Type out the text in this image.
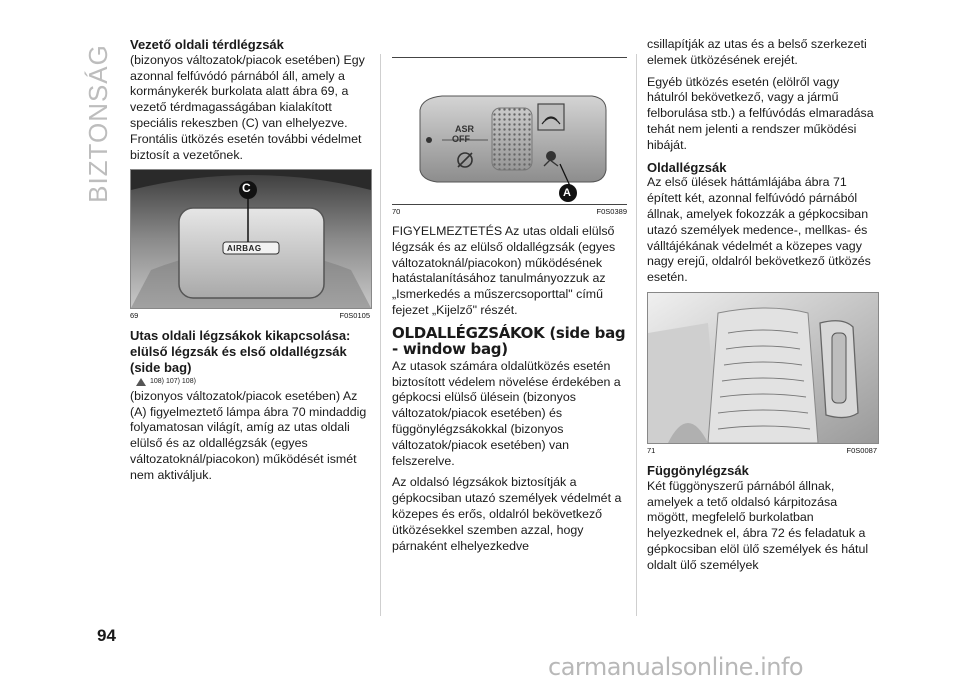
BIZTONSÁG Vezető oldali térdlégzsák

(bizonyos változatok/piacok esetében) Egy azonnal felfúvódó párnából áll, amely a kormánykerék burkolata alatt ábra 69, a vezető térdmagasságában kialakított speciális rekeszben (C) van elhelyezve. Frontális ütközés esetén további védelmet biztosít a vezetőnek.

C
AIRBAG
69	F0S0105
Utas oldali légzsákok kikapcsolása: elülső légzsák és első oldallégzsák (side bag)
108) 107) 108)

(bizonyos változatok/piacok esetében) Az (A) figyelmeztető lámpa ábra 70 mindaddig folyamatosan világít, amíg az utas oldali elülső és az oldallégzsák (egyes változatoknál/piacokon) működését ismét nem aktiváljuk.

ASR
OFF
A
70	F0S0389

FIGYELMEZTETÉS Az utas oldali elülső légzsák és az elülső oldallégzsák (egyes változatoknál/piacokon) működésének hatástalanításához tanulmányozzuk az „Ismerkedés a műszercsoporttal" című fejezet „Kijelző" részét.

OLDALLÉGZSÁKOK (side bag - window bag)

Az utasok számára oldalütközés esetén biztosított védelem növelése érdekében a gépkocsi elülső ülésein (bizonyos változatok/piacok esetében) és függönylégzsákokkal (bizonyos változatok/piacok esetében) van felszerelve.

Az oldalsó légzsákok biztosítják a gépkocsiban utazó személyek védelmét a közepes és erős, oldalról bekövetkező ütközésekkel szemben azzal, hogy párnaként elhelyezkedve

csillapítják az utas és a belső szerkezeti elemek ütközésének erejét.

Egyéb ütközés esetén (elölről vagy hátulról bekövetkező, vagy a jármű felborulása stb.) a felfúvódás elmaradása tehát nem jelenti a rendszer működési hibáját.

Oldallégzsák

Az első ülések háttámlájába ábra 71 épített két, azonnal felfúvódó párnából állnak, amelyek fokozzák a gépkocsiban utazó személyek medence-, mellkas- és válltájékának védelmét a közepes vagy nagy erejű, oldalról bekövetkező ütközés esetén.

71	F0S0087
Függönylégzsák

Két függönyszerű párnából állnak, amelyek a tető oldalsó kárpitozása mögött, megfelelő burkolatban helyezkednek el, ábra 72 és feladatuk a gépkocsiban elöl ülő személyek és hátul oldalt ülő személyek

94
carmanualsonline.info
